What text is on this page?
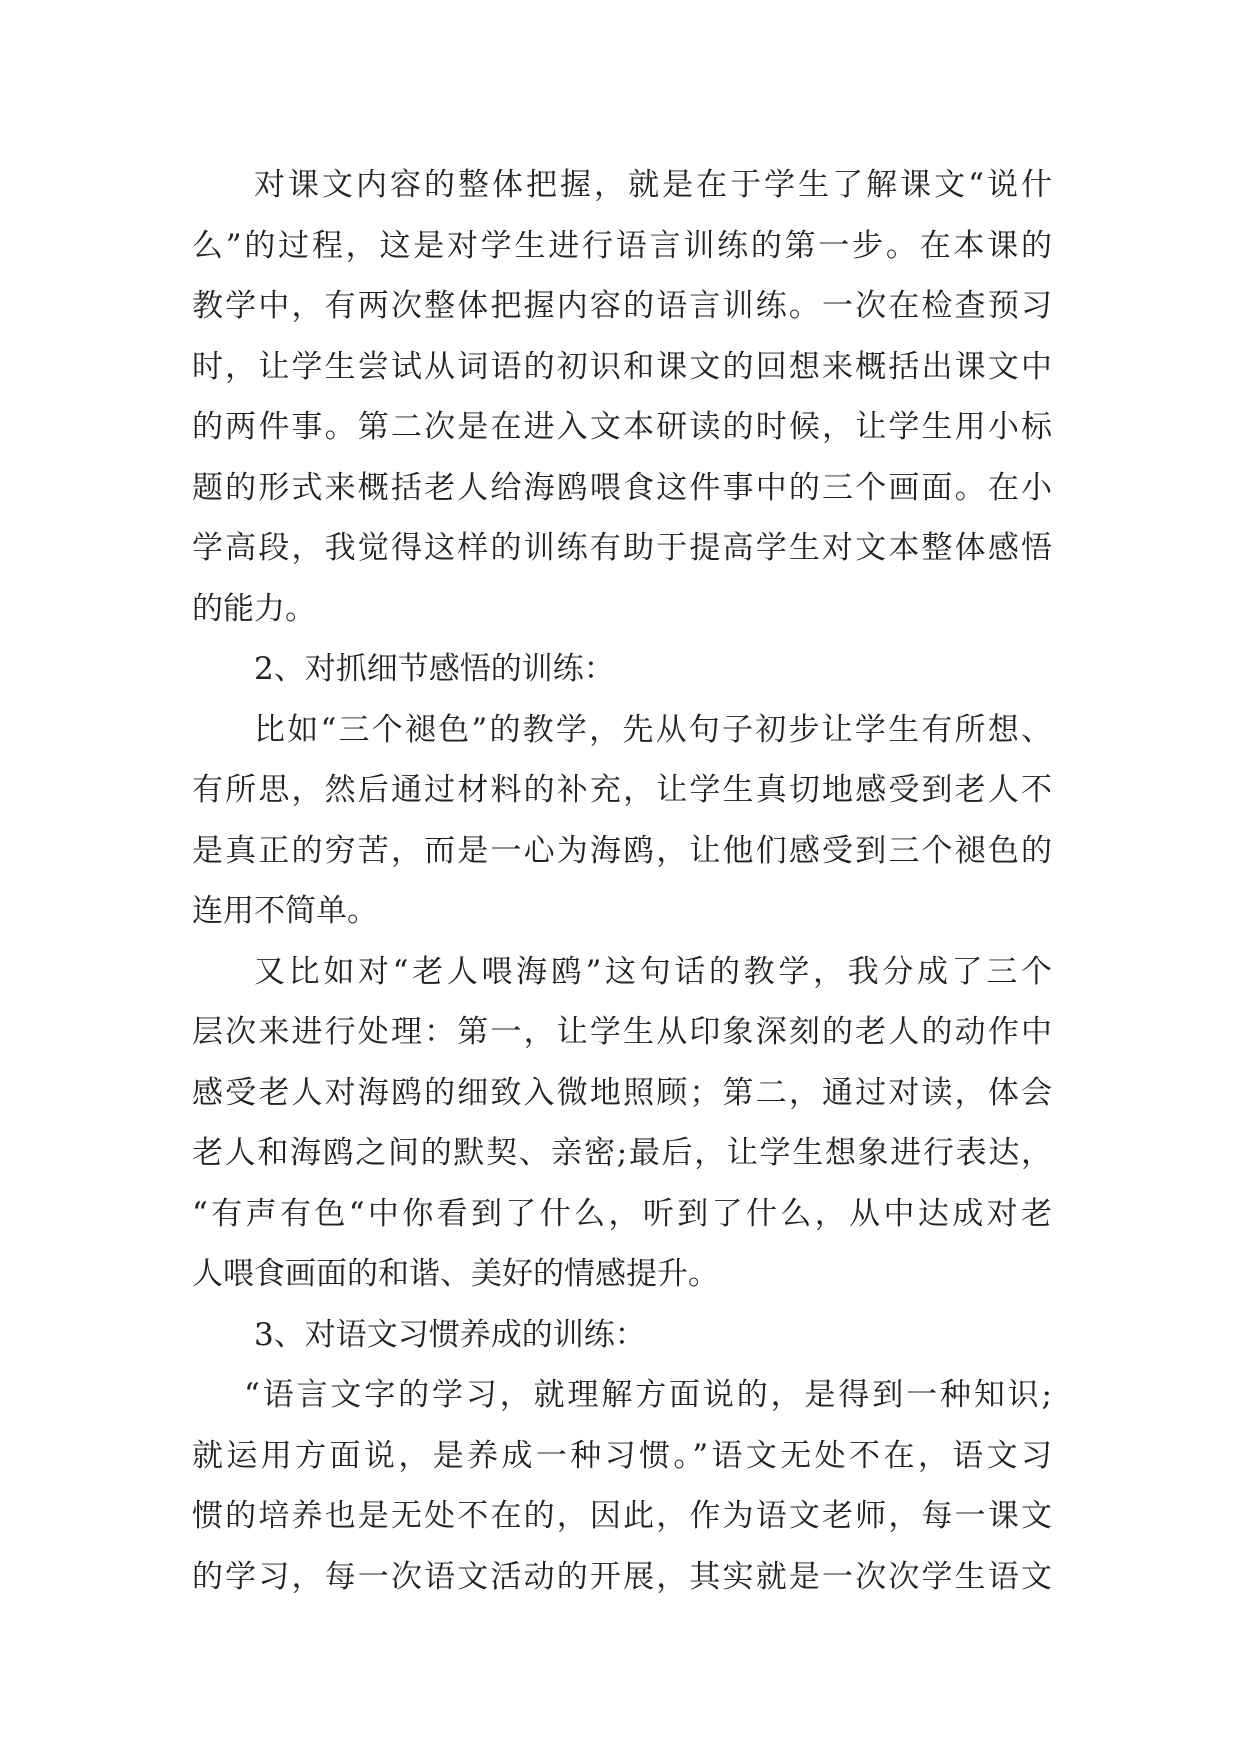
对课文内容的整体把握，就是在于学生了解课文“说什
么”的过程，这是对学生进行语言训练的第一步。在本课的
教学中，有两次整体把握内容的语言训练。一次在检查预习
时，让学生尝试从词语的初识和课文的回想来概括出课文中
的两件事。第二次是在进入文本研读的时候，让学生用小标
题的形式来概括老人给海鸥喂食这件事中的三个画面。在小
学高段，我觉得这样的训练有助于提高学生对文本整体感悟
的能力。
2、对抓细节感悟的训练：
比如“三个褪色”的教学，先从句子初步让学生有所想、
有所思，然后通过材料的补充，让学生真切地感受到老人不
是真正的穷苦，而是一心为海鸥，让他们感受到三个褪色的
连用不简单。
又比如对“老人喂海鸥”这句话的教学，我分成了三个
层次来进行处理：第一，让学生从印象深刻的老人的动作中
感受老人对海鸥的细致入微地照顾；第二，通过对读，体会
老人和海鸥之间的默契、亲密;最后，让学生想象进行表达，
“有声有色“中你看到了什么，听到了什么，从中达成对老
人喂食画面的和谐、美好的情感提升。
3、对语文习惯养成的训练：
“语言文字的学习，就理解方面说的，是得到一种知识;
就运用方面说，是养成一种习惯。”语文无处不在，语文习
惯的培养也是无处不在的，因此，作为语文老师，每一课文
的学习，每一次语文活动的开展，其实就是一次次学生语文
